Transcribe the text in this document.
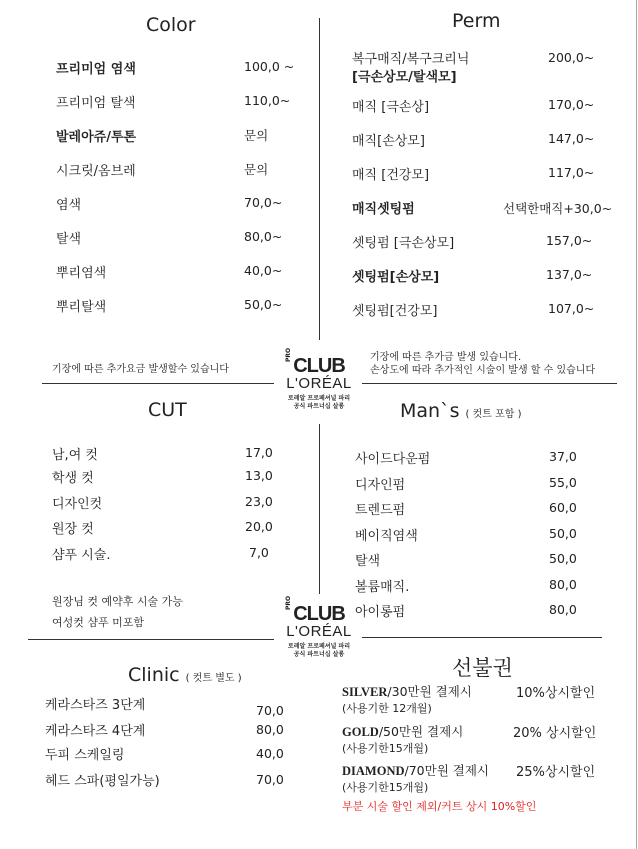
Color
프리미엄 염색	100,0 ~
프리미엄 탈색	110,0~
발레아쥬/투톤	문의
시크릿/옴브레	문의
염색	70,0~
탈색	80,0~
뿌리염색	40,0~
뿌리탈색	50,0~
기장에 따른 추가요금 발생할수 있습니다
Perm
복구매직/복구크리닉
[극손상모/탈색모]
200,0~
매직 [극손상]	170,0~
매직[손상모]	147,0~
매직 [건강모]	117,0~
매직셋팅펌	선택한매직+30,0~
셋팅펌 [극손상모]	157,0~
셋팅펌[손상모]	137,0~
셋팅펌[건강모]	107,0~
기장에 따른 추가금 발생 있습니다.
손상도에 따라 추가적인 시술이 발생 할 수 있습니다
PRO
CLUB
L'ORÉAL
로레알 프로페셔널 파리
공식 파트너십 살롱
CUT
남,여 컷	17,0
학생 컷	13,0
디자인컷	23,0
원장 컷	20,0
샴푸 시술.	7,0
원장님 컷 예약후 시술 가능
여성컷 샴푸 미포함
Man`s ( 컷트 포함 )
사이드다운펌	37,0
디자인펌	55,0
트렌드펌	60,0
베이직염색	50,0
탈색	50,0
볼륨매직.	80,0
아이롱펌	80,0
PRO
CLUB
L'ORÉAL
로레알 프로페셔널 파리
공식 파트너십 살롱
Clinic ( 컷트 별도 )
케라스타즈 3단계	70,0
케라스타즈 4단계	80,0
두피 스케일링	40,0
헤드 스파(평일가능)	70,0
선불권
SILVER/30만원 결제시	10%상시할인
(사용기한 12개월)
GOLD/50만원 결제시	20% 상시할인
(사용기한15개월)
DIAMOND/70만원 결제시 25%상시할인
(사용기한15개월)
부분 시술 할인 제외/커트 상시 10%할인
